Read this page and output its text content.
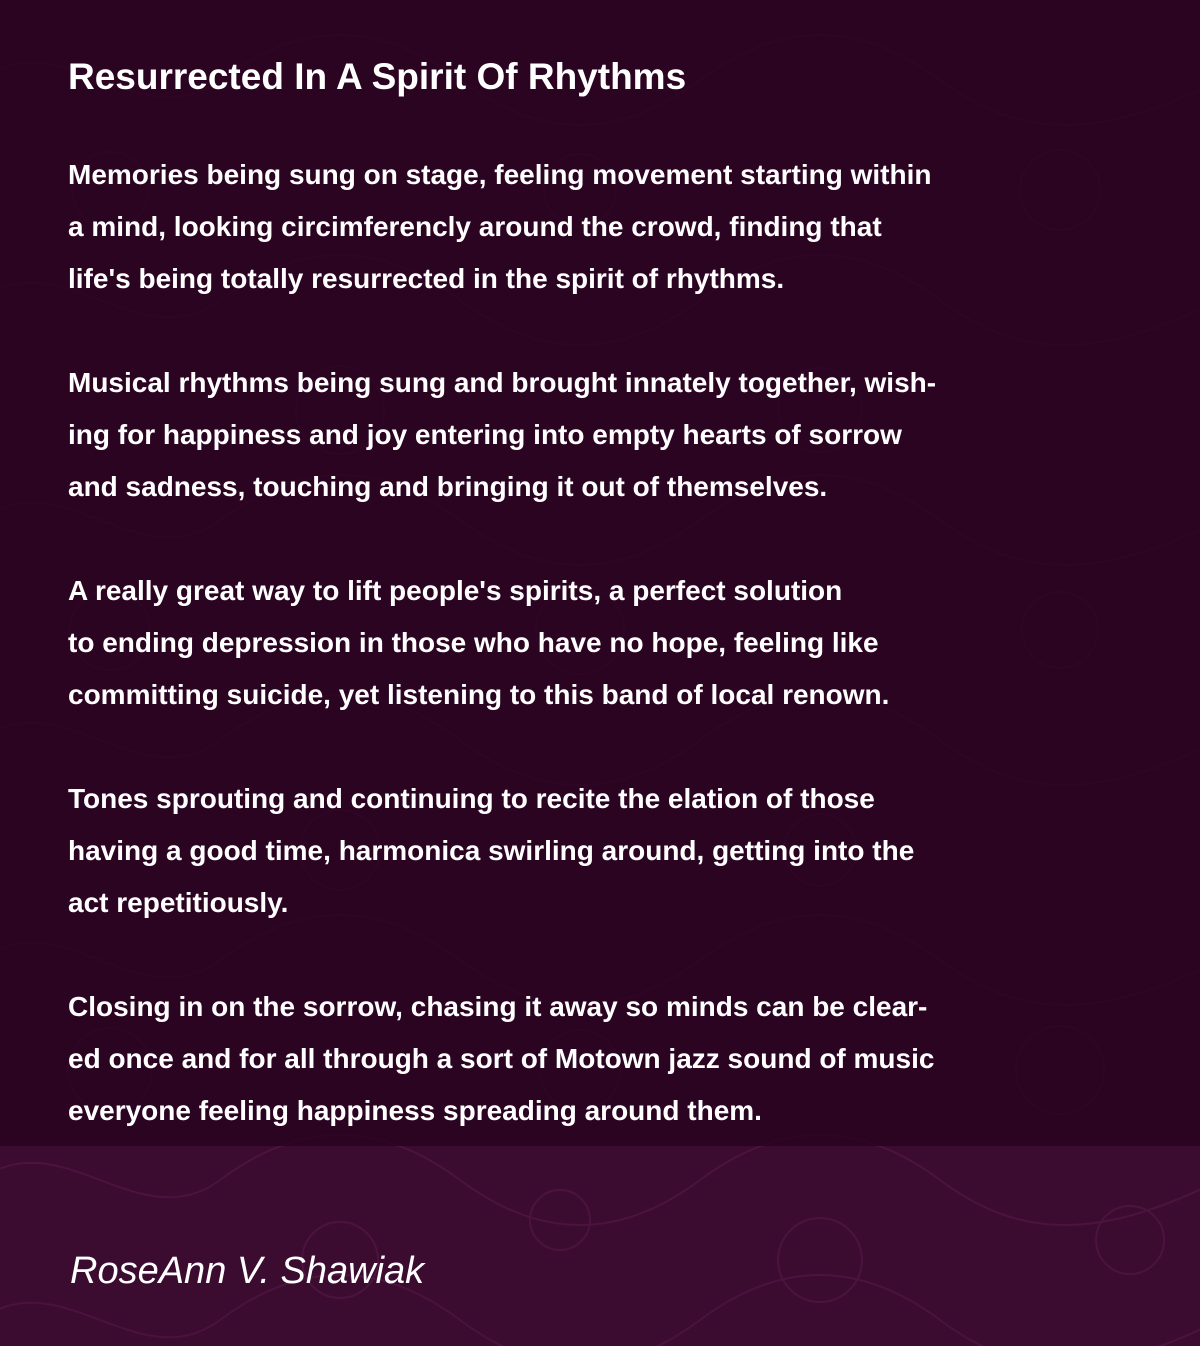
Resurrected In A Spirit Of Rhythms
Memories being sung on stage, feeling movement starting within
a mind, looking circimferencly around the crowd, finding that
life's being totally resurrected in the spirit of rhythms.
Musical rhythms being sung and brought innately together, wish-
ing for happiness and joy entering into empty hearts of sorrow
and sadness, touching and bringing it out of themselves.
A really great way to lift people's spirits, a perfect solution
to ending depression in those who have no hope, feeling like
committing suicide, yet listening to this band of local renown.
Tones sprouting and continuing to recite the elation of those
having a good time, harmonica swirling around, getting into the
act repetitiously.
Closing in on the sorrow, chasing it away so minds can be clear-
ed once and for all through a sort of Motown jazz sound of music
everyone feeling happiness spreading around them.

RoseAnn V. Shawiak
